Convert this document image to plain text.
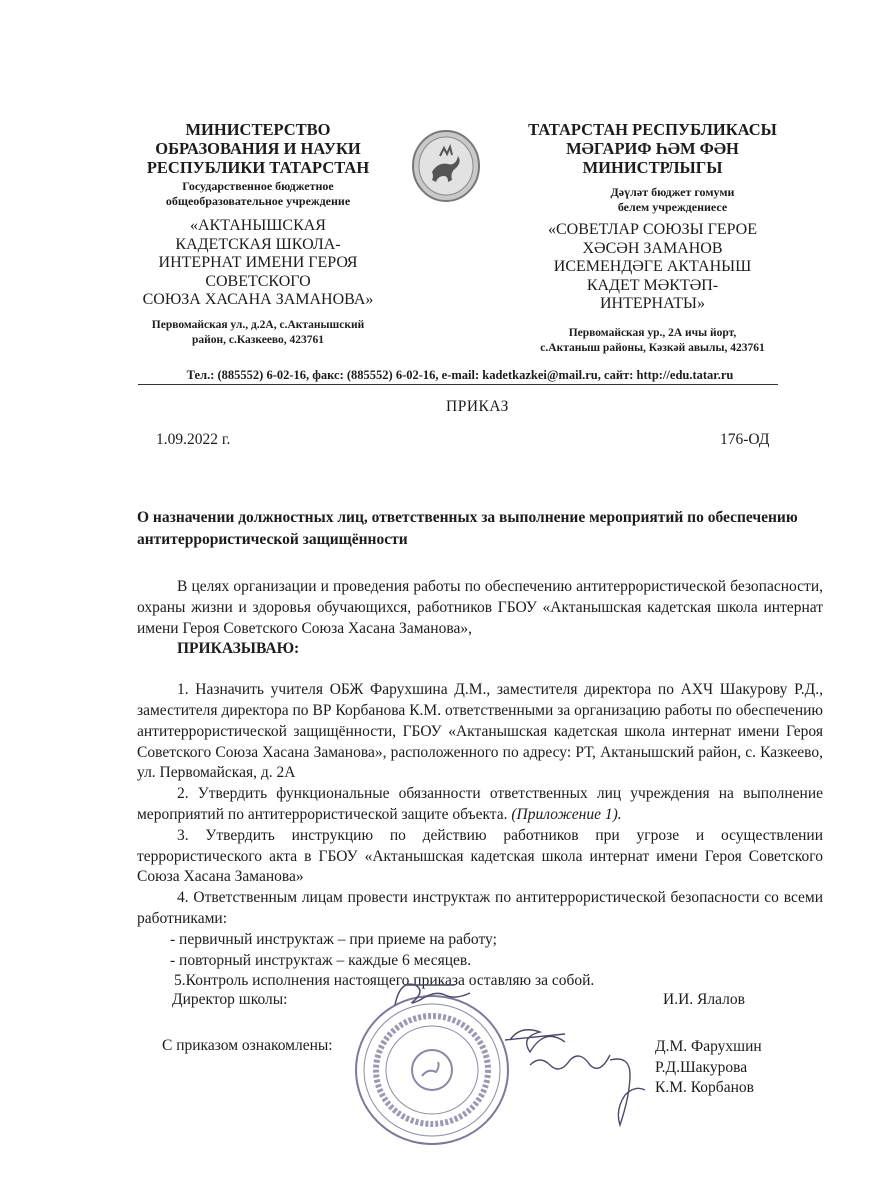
МИНИСТЕРСТВО
ОБРАЗОВАНИЯ И НАУКИ
РЕСПУБЛИКИ ТАТАРСТАН
Государственное бюджетное
общеобразовательное учреждение
«АКТАНЫШСКАЯ
КАДЕТСКАЯ ШКОЛА-
ИНТЕРНАТ ИМЕНИ ГЕРОЯ
СОВЕТСКОГО
СОЮЗА ХАСАНА ЗАМАНОВА»
Первомайская ул., д.2А, с.Актанышский
район, с.Казкеево, 423761
ТАТАРСТАН РЕСПУБЛИКАСЫ
МӘГАРИФ ҺӘМ ФӘН
МИНИСТРЛЫГЫ
Дәүләт бюджет гомуми
белем учреждениесе
«СОВЕТЛАР СОЮЗЫ ГЕРОЕ
ХӘСӘН ЗАМАНОВ
ИСЕМЕНДӘГЕ АКТАНЫШ
КАДЕТ МӘКТӘП-
ИНТЕРНАТЫ»
Первомайская ур., 2А ичы йорт,
с.Актаныш районы, Кәзкәй авылы, 423761
Тел.: (885552) 6-02-16, факс: (885552) 6-02-16, e-mail: kadetkazkei@mail.ru, сайт: http://edu.tatar.ru
ПРИКАЗ
1.09.2022 г.	176-ОД
О назначении должностных лиц, ответственных за выполнение мероприятий по обеспечению антитеррористической защищённости

В целях организации и проведения работы по обеспечению антитеррористической безопасности, охраны жизни и здоровья обучающихся, работников ГБОУ «Актанышская кадетская школа интернат имени Героя Советского Союза Хасана Заманова»,

ПРИКАЗЫВАЮ:

1. Назначить учителя ОБЖ Фарухшина Д.М., заместителя директора по АХЧ Шакурову Р.Д., заместителя директора по ВР Корбанова К.М. ответственными за организацию работы по обеспечению антитеррористической защищённости, ГБОУ «Актанышская кадетская школа интернат имени Героя Советского Союза Хасана Заманова», расположенного по адресу: РТ, Актанышский район, с. Казкеево, ул. Первомайская, д. 2А

2. Утвердить функциональные обязанности ответственных лиц учреждения на выполнение мероприятий по антитеррористической защите объекта. (Приложение 1).

3. Утвердить инструкцию по действию работников при угрозе и осуществлении террористического акта в ГБОУ «Актанышская кадетская школа интернат имени Героя Советского Союза Хасана Заманова»

4. Ответственным лицам провести инструктаж по антитеррористической безопасности со всеми работниками:

- первичный инструктаж – при приеме на работу;

- повторный инструктаж – каждые 6 месяцев.

5.Контроль исполнения настоящего приказа оставляю за собой.

Директор школы:	И.И. Ялалов
С приказом ознакомлены:	Д.М. Фарухшин
Р.Д.Шакурова
К.М. Корбанов
